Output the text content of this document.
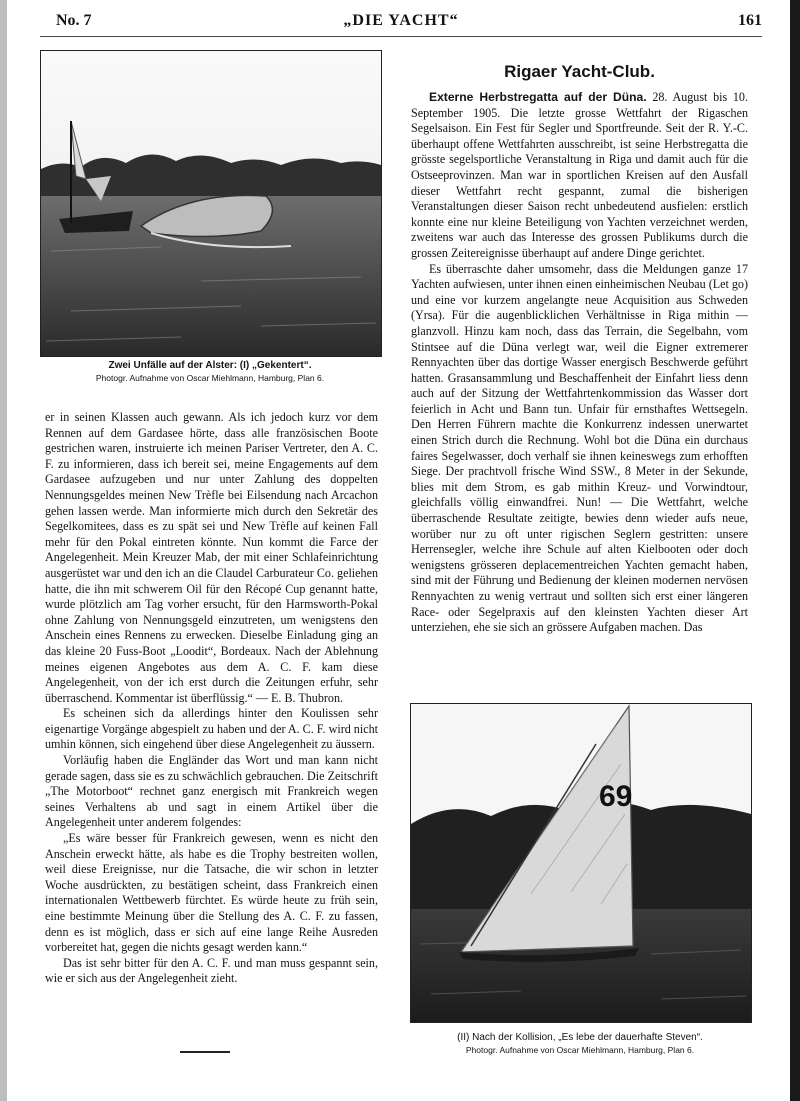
No. 7	„DIE YACHT“	161
Zwei Unfälle auf der Alster: (I) „Gekentert“.
Photogr. Aufnahme von Oscar Miehlmann, Hamburg, Plan 6.

er in seinen Klassen auch gewann. Als ich jedoch kurz vor dem Rennen auf dem Gardasee hörte, dass alle französischen Boote gestrichen waren, instruierte ich meinen Pariser Vertreter, den A. C. F. zu informieren, dass ich bereit sei, meine Engagements auf dem Gardasee aufzugeben und nur unter Zahlung des doppelten Nennungsgeldes meinen New Trèfle bei Eilsendung nach Arcachon gehen lassen werde. Man informierte mich durch den Sekretär des Segelkomitees, dass es zu spät sei und New Trèfle auf keinen Fall mehr für den Pokal eintreten könnte. Nun kommt die Farce der Angelegenheit. Mein Kreuzer Mab, der mit einer Schlafeinrichtung ausgerüstet war und den ich an die Claudel Carburateur Co. geliehen hatte, die ihn mit schwerem Oil für den Récopé Cup genannt hatte, wurde plötzlich am Tag vorher ersucht, für den Harmsworth-Pokal ohne Zahlung von Nennungsgeld einzutreten, um wenigstens den Anschein eines Rennens zu erwecken. Dieselbe Einladung ging an das kleine 20 Fuss-Boot „Loodit“, Bordeaux. Nach der Ablehnung meines eigenen Angebotes aus dem A. C. F. kam diese Angelegenheit, von der ich erst durch die Zeitungen erfuhr, sehr überraschend. Kommentar ist überflüssig.“ — E. B. Thubron.

Es scheinen sich da allerdings hinter den Koulissen sehr eigenartige Vorgänge abgespielt zu haben und der A. C. F. wird nicht umhin können, sich eingehend über diese Angelegenheit zu äussern.

Vorläufig haben die Engländer das Wort und man kann nicht gerade sagen, dass sie es zu schwächlich gebrauchen. Die Zeitschrift „The Motorboot“ rechnet ganz energisch mit Frankreich wegen seines Verhaltens ab und sagt in einem Artikel über die Angelegenheit unter anderem folgendes:

„Es wäre besser für Frankreich gewesen, wenn es nicht den Anschein erweckt hätte, als habe es die Trophy bestreiten wollen, weil diese Ereignisse, nur die Tatsache, die wir schon in letzter Woche ausdrückten, zu bestätigen scheint, dass Frankreich einen internationalen Wettbewerb fürchtet. Es würde heute zu früh sein, eine bestimmte Meinung über die Stellung des A. C. F. zu fassen, denn es ist möglich, dass er sich auf eine lange Reihe Ausreden vorbereitet hat, gegen die nichts gesagt werden kann.“

Das ist sehr bitter für den A. C. F. und man muss gespannt sein, wie er sich aus der Angelegenheit zieht.

Rigaer Yacht-Club.

Externe Herbstregatta auf der Düna. 28. August bis 10. September 1905. Die letzte grosse Wettfahrt der Rigaschen Segelsaison. Ein Fest für Segler und Sportfreunde. Seit der R. Y.-C. überhaupt offene Wettfahrten ausschreibt, ist seine Herbstregatta die grösste segelsportliche Veranstaltung in Riga und damit auch für die Ostseeprovinzen. Man war in sportlichen Kreisen auf den Ausfall dieser Wettfahrt recht gespannt, zumal die bisherigen Veranstaltungen dieser Saison recht unbedeutend ausfielen: erstlich konnte eine nur kleine Beteiligung von Yachten verzeichnet werden, zweitens war auch das Interesse des grossen Publikums durch die grossen Zeitereignisse überhaupt auf andere Dinge gerichtet.

Es überraschte daher umsomehr, dass die Meldungen ganze 17 Yachten aufwiesen, unter ihnen einen einheimischen Neubau (Let go) und eine vor kurzem angelangte neue Acquisition aus Schweden (Yrsa). Für die augenblicklichen Verhältnisse in Riga mithin — glanzvoll. Hinzu kam noch, dass das Terrain, die Segelbahn, vom Stintsee auf die Düna verlegt war, weil die Eigner extremerer Rennyachten über das dortige Wasser energisch Beschwerde geführt hatten. Grasansammlung und Beschaffenheit der Einfahrt liess denn auch auf der Sitzung der Wettfahrtenkommission das Wasser dort feierlich in Acht und Bann tun. Unfair für ernsthaftes Wettsegeln. Den Herren Führern machte die Konkurrenz indessen unerwartet einen Strich durch die Rechnung. Wohl bot die Düna ein durchaus faires Segelwasser, doch verhalf sie ihnen keineswegs zum erhofften Siege. Der prachtvoll frische Wind SSW., 8 Meter in der Sekunde, blies mit dem Strom, es gab mithin Kreuz- und Vorwindtour, gleichfalls völlig einwandfrei. Nun! — Die Wettfahrt, welche überraschende Resultate zeitigte, bewies denn wieder aufs neue, worüber nur zu oft unter rigischen Seglern gestritten: unsere Herrensegler, welche ihre Schule auf alten Kielbooten oder doch wenigstens grösseren deplacementreichen Yachten gemacht haben, sind mit der Führung und Bedienung der kleinen modernen nervösen Rennyachten zu wenig vertraut und sollten sich erst einer längeren Race- oder Segelpraxis auf den kleinsten Yachten dieser Art unterziehen, ehe sie sich an grössere Aufgaben machen. Das

69
(II) Nach der Kollision, „Es lebe der dauerhafte Steven“.
Photogr. Aufnahme von Oscar Miehlmann, Hamburg, Plan 6.
